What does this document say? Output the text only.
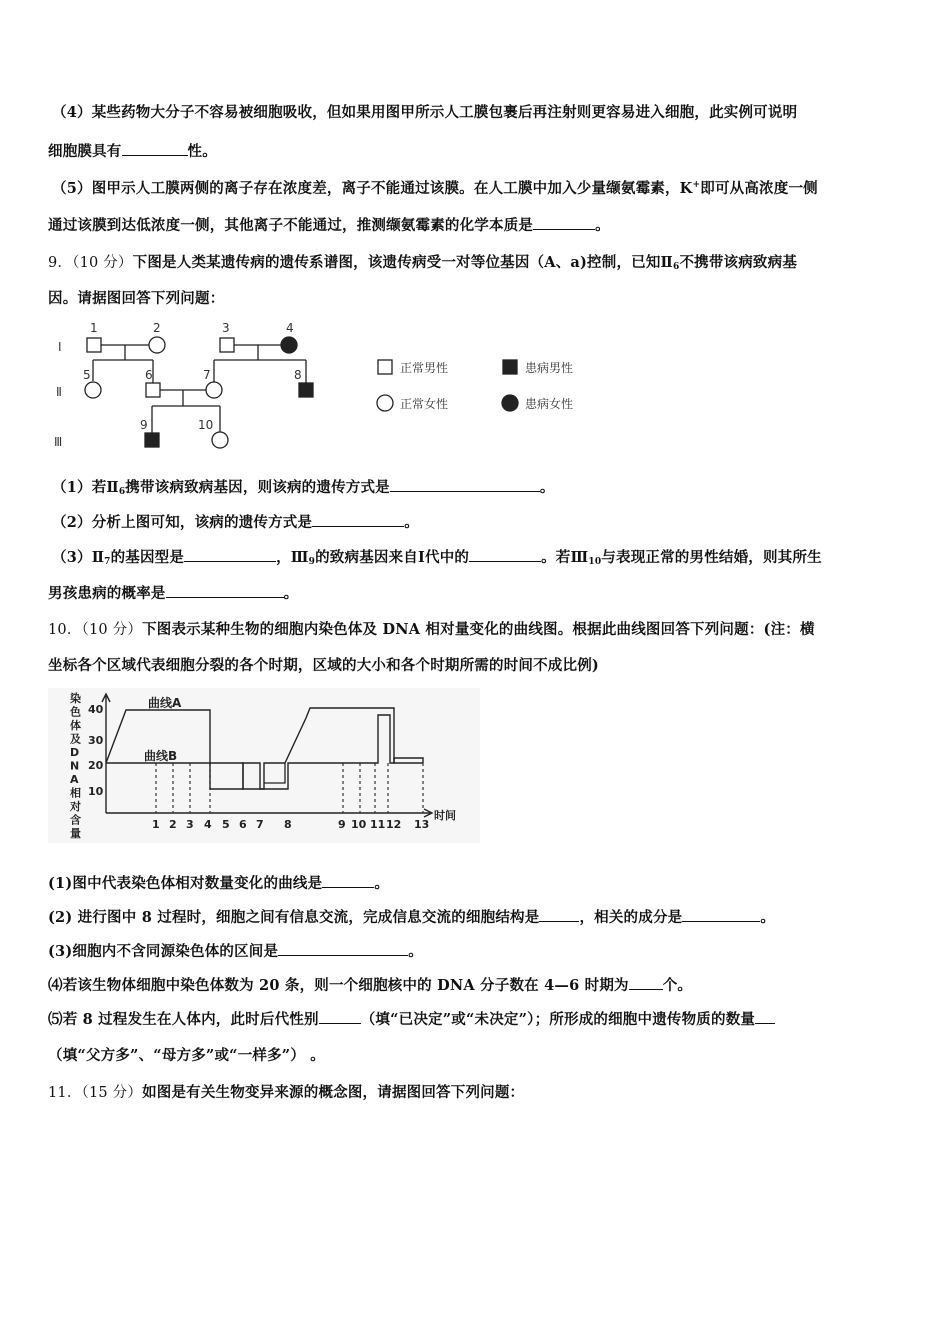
（4）某些药物大分子不容易被细胞吸收，但如果用图甲所示人工膜包裹后再注射则更容易进入细胞，此实例可说明
细胞膜具有	性。
（5）图甲示人工膜两侧的离子存在浓度差，离子不能通过该膜。在人工膜中加入少量缬氨霉素，K+即可从高浓度一侧
通过该膜到达低浓度一侧，其他离子不能通过，推测缬氨霉素的化学本质是	。
9．（10 分）下图是人类某遗传病的遗传系谱图，该遗传病受一对等位基因（A、a)控制，已知$Ⅱ_6$不携带该病致病基
因。请据图回答下列问题：
Ⅰ
Ⅱ
Ⅲ
1	2	3	4
5	6	7	8
9	10
正常男性	患病男性
正常女性	患病女性
（1）若$Ⅱ_6$携带该病致病基因，则该病的遗传方式是	。
（2）分析上图可知，该病的遗传方式是	。
$(3)Ⅱ_7$的基因型是	，$Ⅲ_9$的致病基因来自Ⅰ代中的	。若$Ⅲ_{10}$与表现正常的男性结婚，则其所生
男孩患病的概率是	。
10．（10 分）下图表示某种生物的细胞内染色体及 DNA 相对量变化的曲线图。根据此曲线图回答下列问题：(注：横
坐标各个区域代表细胞分裂的各个时期，区域的大小和各个时期所需的时间不成比例)
染色体及 D N A 相对含量
40
30
20
10
曲线A
曲线B
1 2 3 4 5 6 7 8	9 10 11 12 13
时间
(1)图中代表染色体相对数量变化的曲线是	。
(2) 进行图中 8 过程时，细胞之间有信息交流，完成信息交流的细胞结构是	，相关的成分是	。
(3)细胞内不含同源染色体的区间是	。
⑷若该生物体细胞中染色体数为 20 条，则一个细胞核中的 DNA 分子数在 4—6 时期为 个。
⑸若 8 过程发生在人体内，此时后代性别	（填“已决定”或“未决定”）；所形成的细胞中遗传物质的数量
（填“父方多”、“母方多”或“一样多”） 。
11．（15 分）如图是有关生物变异来源的概念图，请据图回答下列问题：
